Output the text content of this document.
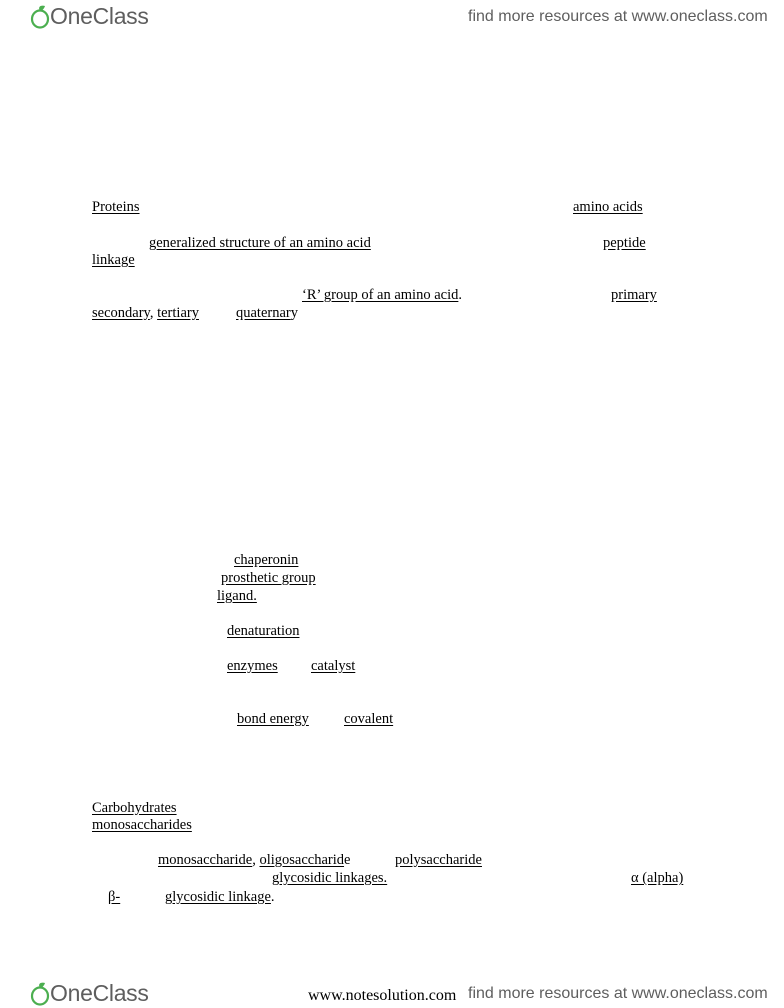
OneClass	find more resources at www.oneclass.com
Proteins	amino acids
generalized structure of an amino acid	peptide
linkage
‘R’ group of an amino acid.	primary
secondary, tertiary	quaternary
chaperonin
prosthetic group
ligand.
denaturation
enzymes catalyst
bond energy covalent
Carbohydrates
monosaccharides
monosaccharide, oligosaccharide	polysaccharide
glycosidic linkages.	α (alpha)
β-	glycosidic linkage.
OneClass	www.notesolution.com find more resources at www.oneclass.com
